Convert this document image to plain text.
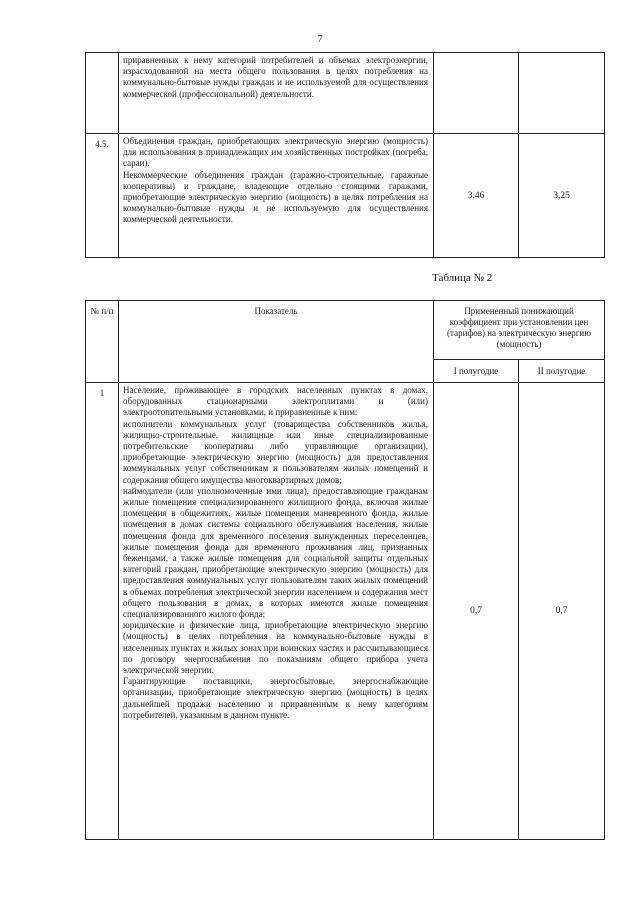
7

	приравненных к нему категорий потребителей и объемах электроэнергии, израсходованной на места общего пользования в целях потребления на коммунально-бытовые нужды граждан и не используемой для осуществления коммерческой (профессиональной) деятельности.		

4.5.	Объединения граждан, приобретающих электрическую энергию (мощность) для использования в принадлежащих им хозяйственных постройках (погреба, сараи).

Некоммерческие объединения граждан (гаражно-строительные, гаражные кооперативы) и граждане, владеющие отдельно стоящими гаражами, приобретающие электрическую энергию (мощность) в целях потребления на коммунально-бытовые нужды и не используемую для осуществления коммерческой деятельности.	3,46	3,25
Таблица № 2
№ п/п	Показатель	Примененный понижающий коэффициент при установлении цен (тарифов) на электрическую энергию (мощность)	
		I полугодие	II полугодие
1	Население, проживающее в городских населенных пунктах в домах, оборудованных стационарными электроплитами и (или) электроотопительными установками, и приравненные к ним:

исполнители коммунальных услуг (товарищества собственников жилья, жилищно-строительные, жилищные или иные специализированные потребительские кооперативы либо управляющие организации), приобретающие электрическую энергию (мощность) для предоставления коммунальных услуг собственникам и пользователям жилых помещений и содержания общего имущества многоквартирных домов;

наймодатели (или уполномоченные ими лица), предоставляющие гражданам жилые помещения специализированного жилищного фонда, включая жилые помещения в общежитиях, жилые помещения маневренного фонда, жилые помещения в домах системы социального обслуживания населения, жилые помещения фонда для временного поселения вынужденных переселенцев, жилые помещения фонда для временного проживания лиц, признанных беженцами, а также жилые помещения для социальной защиты отдельных категорий граждан, приобретающие электрическую энергию (мощность) для предоставления коммунальных услуг пользователям таких жилых помещений в объемах потребления электрической энергии населением и содержания мест общего пользования в домах, в которых имеются жилые помещения специализированного жилого фонда;

юридические и физические лица, приобретающие электрическую энергию (мощность) в целях потребления на коммунально-бытовые нужды в населенных пунктах и жилых зонах при воинских частях и рассчитывающиеся по договору энергоснабжения по показаниям общего прибора учета электрической энергии.

Гарантирующие поставщики, энергосбытовые, энергоснабжающие организации, приобретающие электрическую энергию (мощность) в целях дальнейшей продажи населению и приравненным к нему категориям потребителей, указанным в данном пункте.	0,7	0,7
